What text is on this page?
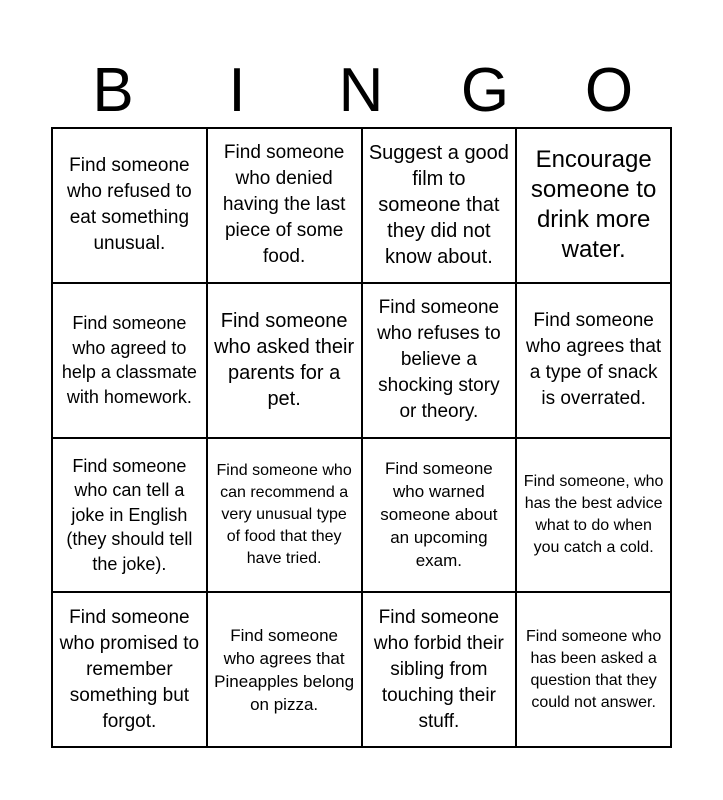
B	I	N	G	O
Find someone who refused to eat something unusual.
Find someone who denied having the last piece of some food.
Suggest a good film to someone that they did not know about.
Encourage someone to drink more water.
Find someone who agreed to help a classmate with homework.
Find someone who asked their parents for a pet.
Find someone who refuses to believe a shocking story or theory.
Find someone who agrees that a type of snack is overrated.
Find someone who can tell a joke in English (they should tell the joke).
Find someone who can recommend a very unusual type of food that they have tried.
Find someone who warned someone about an upcoming exam.
Find someone, who has the best advice what to do when you catch a cold.
Find someone who promised to remember something but forgot.
Find someone who agrees that Pineapples belong on pizza.
Find someone who forbid their sibling from touching their stuff.
Find someone who has been asked a question that they could not answer.
